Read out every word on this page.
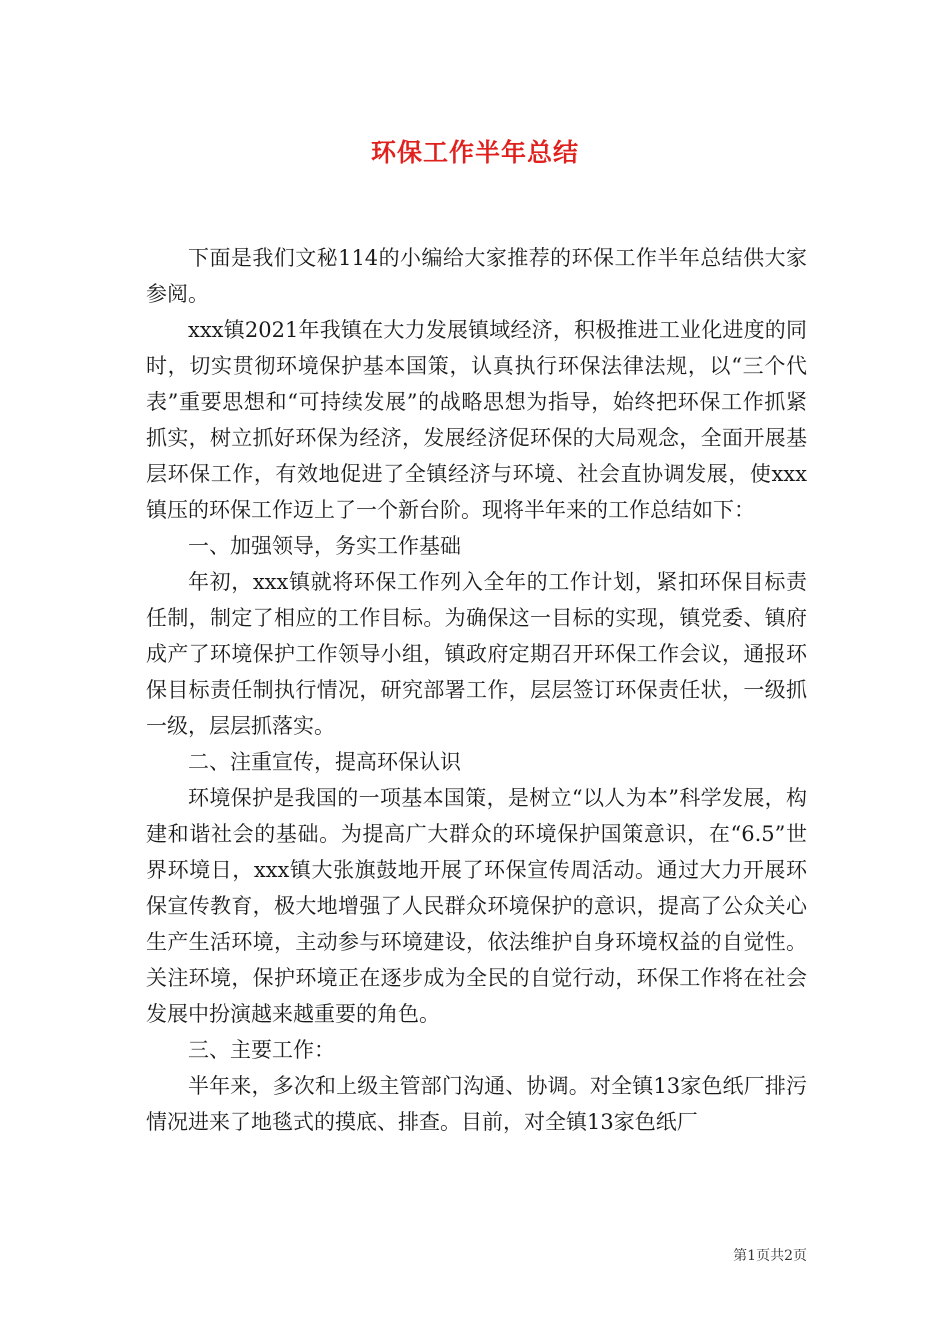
环保工作半年总结

下面是我们文秘114的小编给大家推荐的环保工作半年总结供大家参阅。

xxx镇2021年我镇在大力发展镇域经济，积极推进工业化进度的同时，切实贯彻环境保护基本国策，认真执行环保法律法规，以“三个代表”重要思想和“可持续发展”的战略思想为指导，始终把环保工作抓紧抓实，树立抓好环保为经济，发展经济促环保的大局观念，全面开展基层环保工作，有效地促进了全镇经济与环境、社会直协调发展，使xxx镇压的环保工作迈上了一个新台阶。现将半年来的工作总结如下：

一、加强领导，务实工作基础

年初，xxx镇就将环保工作列入全年的工作计划，紧扣环保目标责任制，制定了相应的工作目标。为确保这一目标的实现，镇党委、镇府成产了环境保护工作领导小组，镇政府定期召开环保工作会议，通报环保目标责任制执行情况，研究部署工作，层层签订环保责任状，一级抓一级，层层抓落实。

二、注重宣传，提高环保认识

环境保护是我国的一项基本国策，是树立“以人为本”科学发展，构建和谐社会的基础。为提高广大群众的环境保护国策意识，在“6.5”世界环境日，xxx镇大张旗鼓地开展了环保宣传周活动。通过大力开展环保宣传教育，极大地增强了人民群众环境保护的意识，提高了公众关心生产生活环境，主动参与环境建设，依法维护自身环境权益的自觉性。关注环境，保护环境正在逐步成为全民的自觉行动，环保工作将在社会发展中扮演越来越重要的角色。

三、主要工作：

半年来，多次和上级主管部门沟通、协调。对全镇13家色纸厂排污情况进来了地毯式的摸底、排查。目前，对全镇13家色纸厂

第1页共2页
